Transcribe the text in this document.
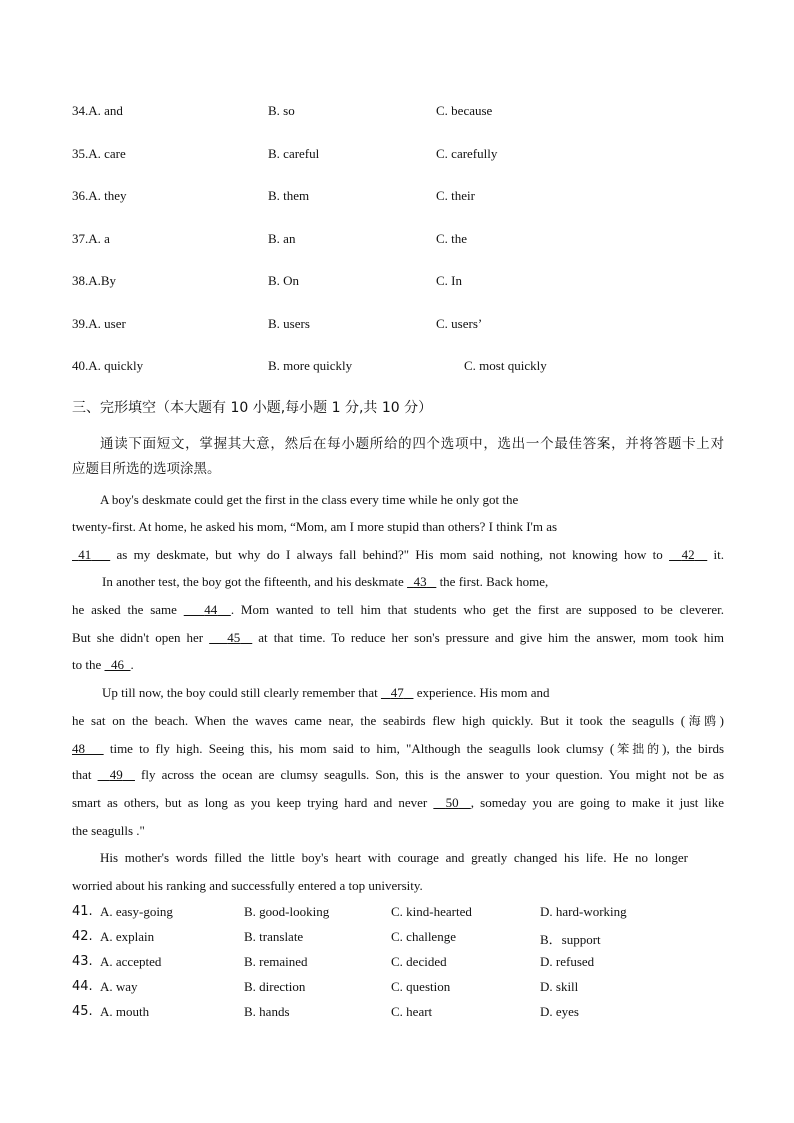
34.A. and	B. so	C. because
35.A. care	B. careful	C. carefully
36.A. they	B. them	C. their
37.A. a	B. an	C. the
38.A.By	B. On	C. In
39.A. user	B. users	C. users’
40.A. quickly	B. more quickly	C. most quickly
三、完形填空（本大题有 10 小题,每小题 1 分,共 10 分）
通读下面短文，掌握其大意，然后在每小题所给的四个选项中，选出一个最佳答案，并将答题卡上对
应题目所选的选项涂黑。
A boy's deskmate could get the first in the class every time while he only got the
twenty-first. At home, he asked his mom, “Mom, am I more stupid than others? I think I'm as
41    as my deskmate, but why do I always fall behind?" His mom said nothing, not knowing how to   42   it.
In another test, the boy got the fifteenth, and his deskmate   43    the first. Back home,
he asked the same    44 . Mom wanted to tell him that students who get the first are supposed to be cleverer.
But she didn't open her    45   at that time. To reduce her son's pressure and give him the answer, mom took him
to the   46 .
Up till now, the boy could still clearly remember that    47    experience. His mom and
he sat on the beach. When the waves came near, the seabirds flew high quickly. But it took the seagulls (海鸥)
48    time to fly high. Seeing this, his mom said to him, "Although the seagulls look clumsy (笨拙的), the birds
that   49   fly across the ocean are clumsy seagulls. Son, this is the answer to your question. You might not be as
smart as others, but as long as you keep trying hard and never   50 , someday you are going to make it just like
the seagulls ."
His mother's words filled the little boy's heart with courage and greatly changed his life. He no longer
worried about his ranking and successfully entered a top university.
41. A. easy-going	B. good-looking	C. kind-hearted	D. hard-working
42. A. explain	B. translate	C. challenge	B．support
43. A. accepted	B. remained	C. decided	D. refused
44. A. way	B. direction	C. question	D. skill
45. A. mouth	B. hands	C. heart	D. eyes
